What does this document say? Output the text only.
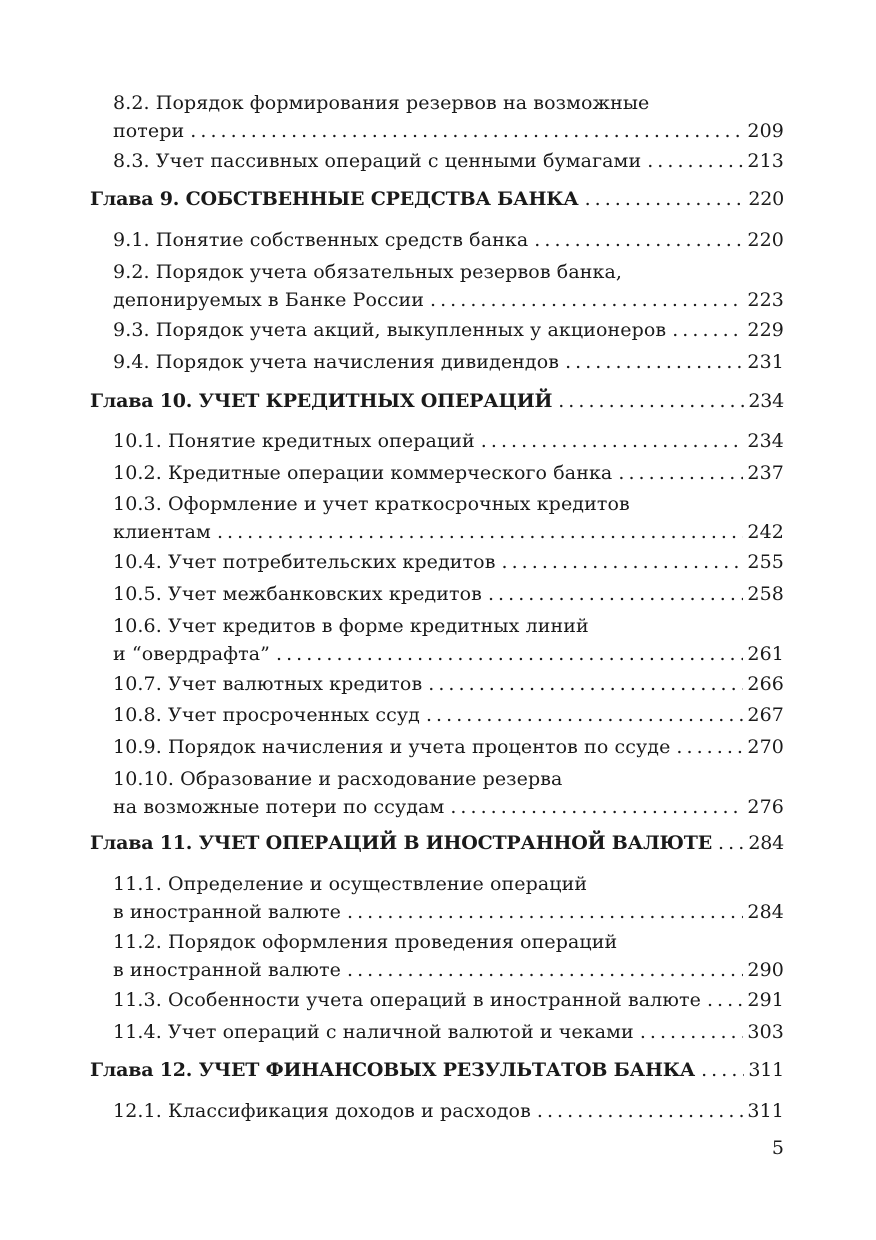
8.2. Порядок формирования резервов на возможные
потери . . .	209
8.3. Учет пассивных операций с ценными бумагами . . .	213
Глава 9. СОБСТВЕННЫЕ СРЕДСТВА БАНКА . . .	220
9.1. Понятие собственных средств банка . . .	220
9.2. Порядок учета обязательных резервов банка,
депонируемых в Банке России . . .	223
9.3. Порядок учета акций, выкупленных у акционеров . . .	229
9.4. Порядок учета начисления дивидендов . . .	231
Глава 10. УЧЕТ КРЕДИТНЫХ ОПЕРАЦИЙ . . .	234
10.1. Понятие кредитных операций . . .	234
10.2. Кредитные операции коммерческого банка . . .	237
10.3. Оформление и учет краткосрочных кредитов
клиентам . . .	242
10.4. Учет потребительских кредитов . . .	255
10.5. Учет межбанковских кредитов . . .	258
10.6. Учет кредитов в форме кредитных линий
и “овердрафта” . . .	261
10.7. Учет валютных кредитов . . .	266
10.8. Учет просроченных ссуд . . .	267
10.9. Порядок начисления и учета процентов по ссуде . . .	270
10.10. Образование и расходование резерва
на возможные потери по ссудам . . .	276
Глава 11. УЧЕТ ОПЕРАЦИЙ В ИНОСТРАННОЙ ВАЛЮТЕ . . . 284
11.1. Определение и осуществление операций
в иностранной валюте . . .	284
11.2. Порядок оформления проведения операций
в иностранной валюте . . .	290
11.3. Особенности учета операций в иностранной валюте . . . 291
11.4. Учет операций с наличной валютой и чеками . . .	303
Глава 12. УЧЕТ ФИНАНСОВЫХ РЕЗУЛЬТАТОВ БАНКА . . .	311
12.1. Классификация доходов и расходов . . .	311
5
